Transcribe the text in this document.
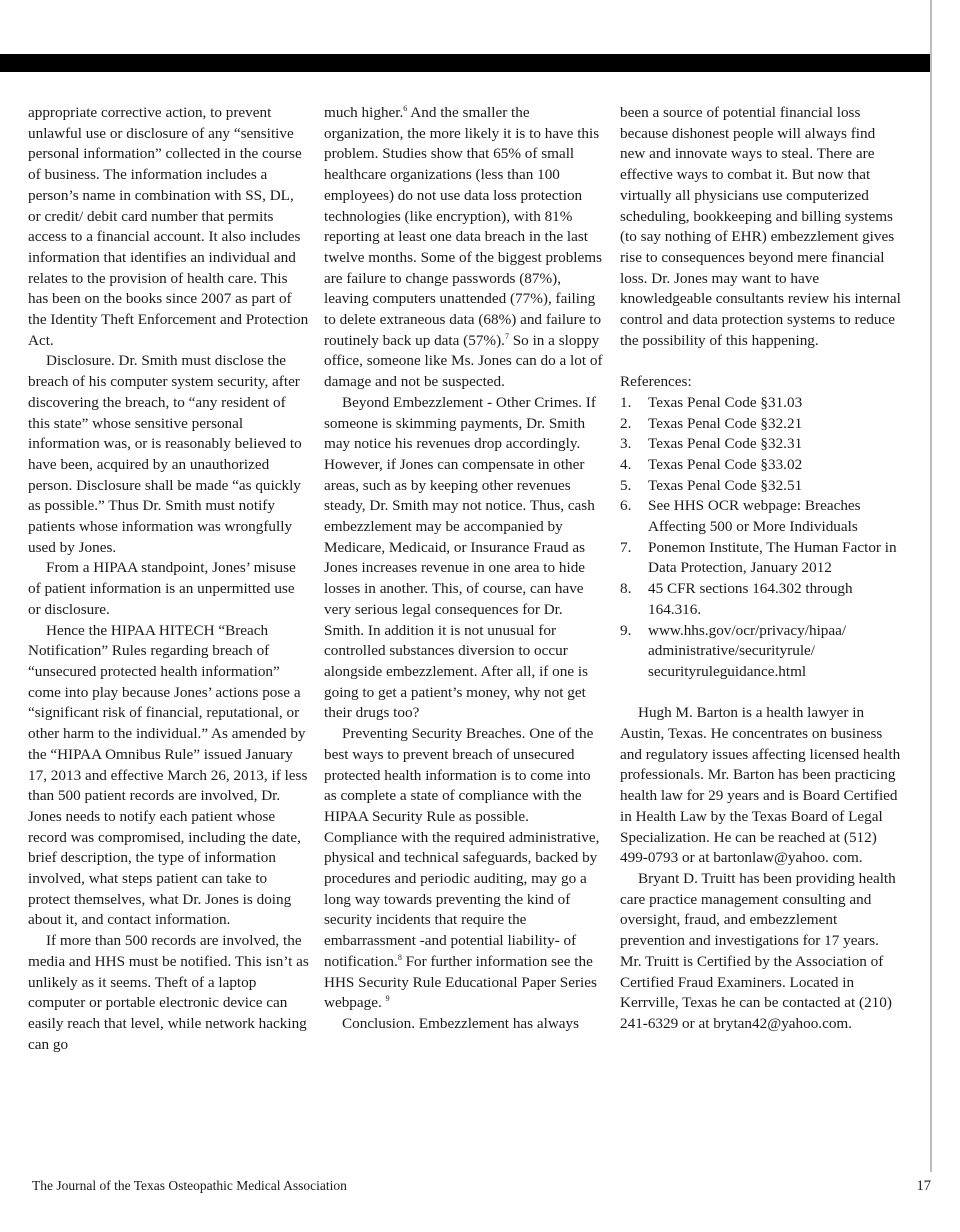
appropriate corrective action, to prevent unlawful use or disclosure of any “sensitive personal information” collected in the course of business. The information includes a person’s name in combination with SS, DL, or credit/ debit card number that permits access to a financial account. It also includes information that identifies an individual and relates to the provision of health care. This has been on the books since 2007 as part of the Identity Theft Enforcement and Protection Act.

Disclosure. Dr. Smith must disclose the breach of his computer system security, after discovering the breach, to “any resident of this state” whose sensitive personal information was, or is reasonably believed to have been, acquired by an unauthorized person. Disclosure shall be made “as quickly as possible.” Thus Dr. Smith must notify patients whose information was wrongfully used by Jones.

From a HIPAA standpoint, Jones’ misuse of patient information is an unpermitted use or disclosure.

Hence the HIPAA HITECH “Breach Notification” Rules regarding breach of “unsecured protected health information” come into play because Jones’ actions pose a “significant risk of financial, reputational, or other harm to the individual.” As amended by the “HIPAA Omnibus Rule” issued January 17, 2013 and effective March 26, 2013, if less than 500 patient records are involved, Dr. Jones needs to notify each patient whose record was compromised, including the date, brief description, the type of information involved, what steps patient can take to protect themselves, what Dr. Jones is doing about it, and contact information.

If more than 500 records are involved, the media and HHS must be notified. This isn’t as unlikely as it seems. Theft of a laptop computer or portable electronic device can easily reach that level, while network hacking can go

much higher.$^6$ And the smaller the organization, the more likely it is to have this problem. Studies show that 65% of small healthcare organizations (less than 100 employees) do not use data loss protection technologies (like encryption), with 81% reporting at least one data breach in the last twelve months. Some of the biggest problems are failure to change passwords (87%), leaving computers unattended (77%), failing to delete extraneous data (68%) and failure to routinely back up data (57%).$^7$ So in a sloppy office, someone like Ms. Jones can do a lot of damage and not be suspected.

Beyond Embezzlement - Other Crimes. If someone is skimming payments, Dr. Smith may notice his revenues drop accordingly. However, if Jones can compensate in other areas, such as by keeping other revenues steady, Dr. Smith may not notice. Thus, cash embezzlement may be accompanied by Medicare, Medicaid, or Insurance Fraud as Jones increases revenue in one area to hide losses in another. This, of course, can have very serious legal consequences for Dr. Smith. In addition it is not unusual for controlled substances diversion to occur alongside embezzlement. After all, if one is going to get a patient’s money, why not get their drugs too?

Preventing Security Breaches. One of the best ways to prevent breach of unsecured protected health information is to come into as complete a state of compliance with the HIPAA Security Rule as possible. Compliance with the required administrative, physical and technical safeguards, backed by procedures and periodic auditing, may go a long way towards preventing the kind of security incidents that require the embarrassment -and potential liability- of notification.$^8$ For further information see the HHS Security Rule Educational Paper Series webpage. $^9$

Conclusion. Embezzlement has always

been a source of potential financial loss because dishonest people will always find new and innovate ways to steal. There are effective ways to combat it. But now that virtually all physicians use computerized scheduling, bookkeeping and billing systems (to say nothing of EHR) embezzlement gives rise to consequences beyond mere financial loss. Dr. Jones may want to have knowledgeable consultants review his internal control and data protection systems to reduce the possibility of this happening.

References:

1. Texas Penal Code §31.03
2. Texas Penal Code §32.21
3. Texas Penal Code §32.31
4. Texas Penal Code §33.02
5. Texas Penal Code §32.51
6. See HHS OCR webpage: Breaches Affecting 500 or More Individuals
7. Ponemon Institute, The Human Factor in Data Protection, January 2012
8. 45 CFR sections 164.302 through 164.316.
9. www.hhs.gov/ocr/privacy/hipaa/ administrative/securityrule/ securityruleguidance.html

Hugh M. Barton is a health lawyer in Austin, Texas. He concentrates on business and regulatory issues affecting licensed health professionals. Mr. Barton has been practicing health law for 29 years and is Board Certified in Health Law by the Texas Board of Legal Specialization. He can be reached at (512) 499-0793 or at bartonlaw@yahoo. com.

Bryant D. Truitt has been providing health care practice management consulting and oversight, fraud, and embezzlement prevention and investigations for 17 years. Mr. Truitt is Certified by the Association of Certified Fraud Examiners. Located in Kerrville, Texas he can be contacted at (210) 241-6329 or at brytan42@yahoo.com.

The Journal of the Texas Osteopathic Medical Association	17
